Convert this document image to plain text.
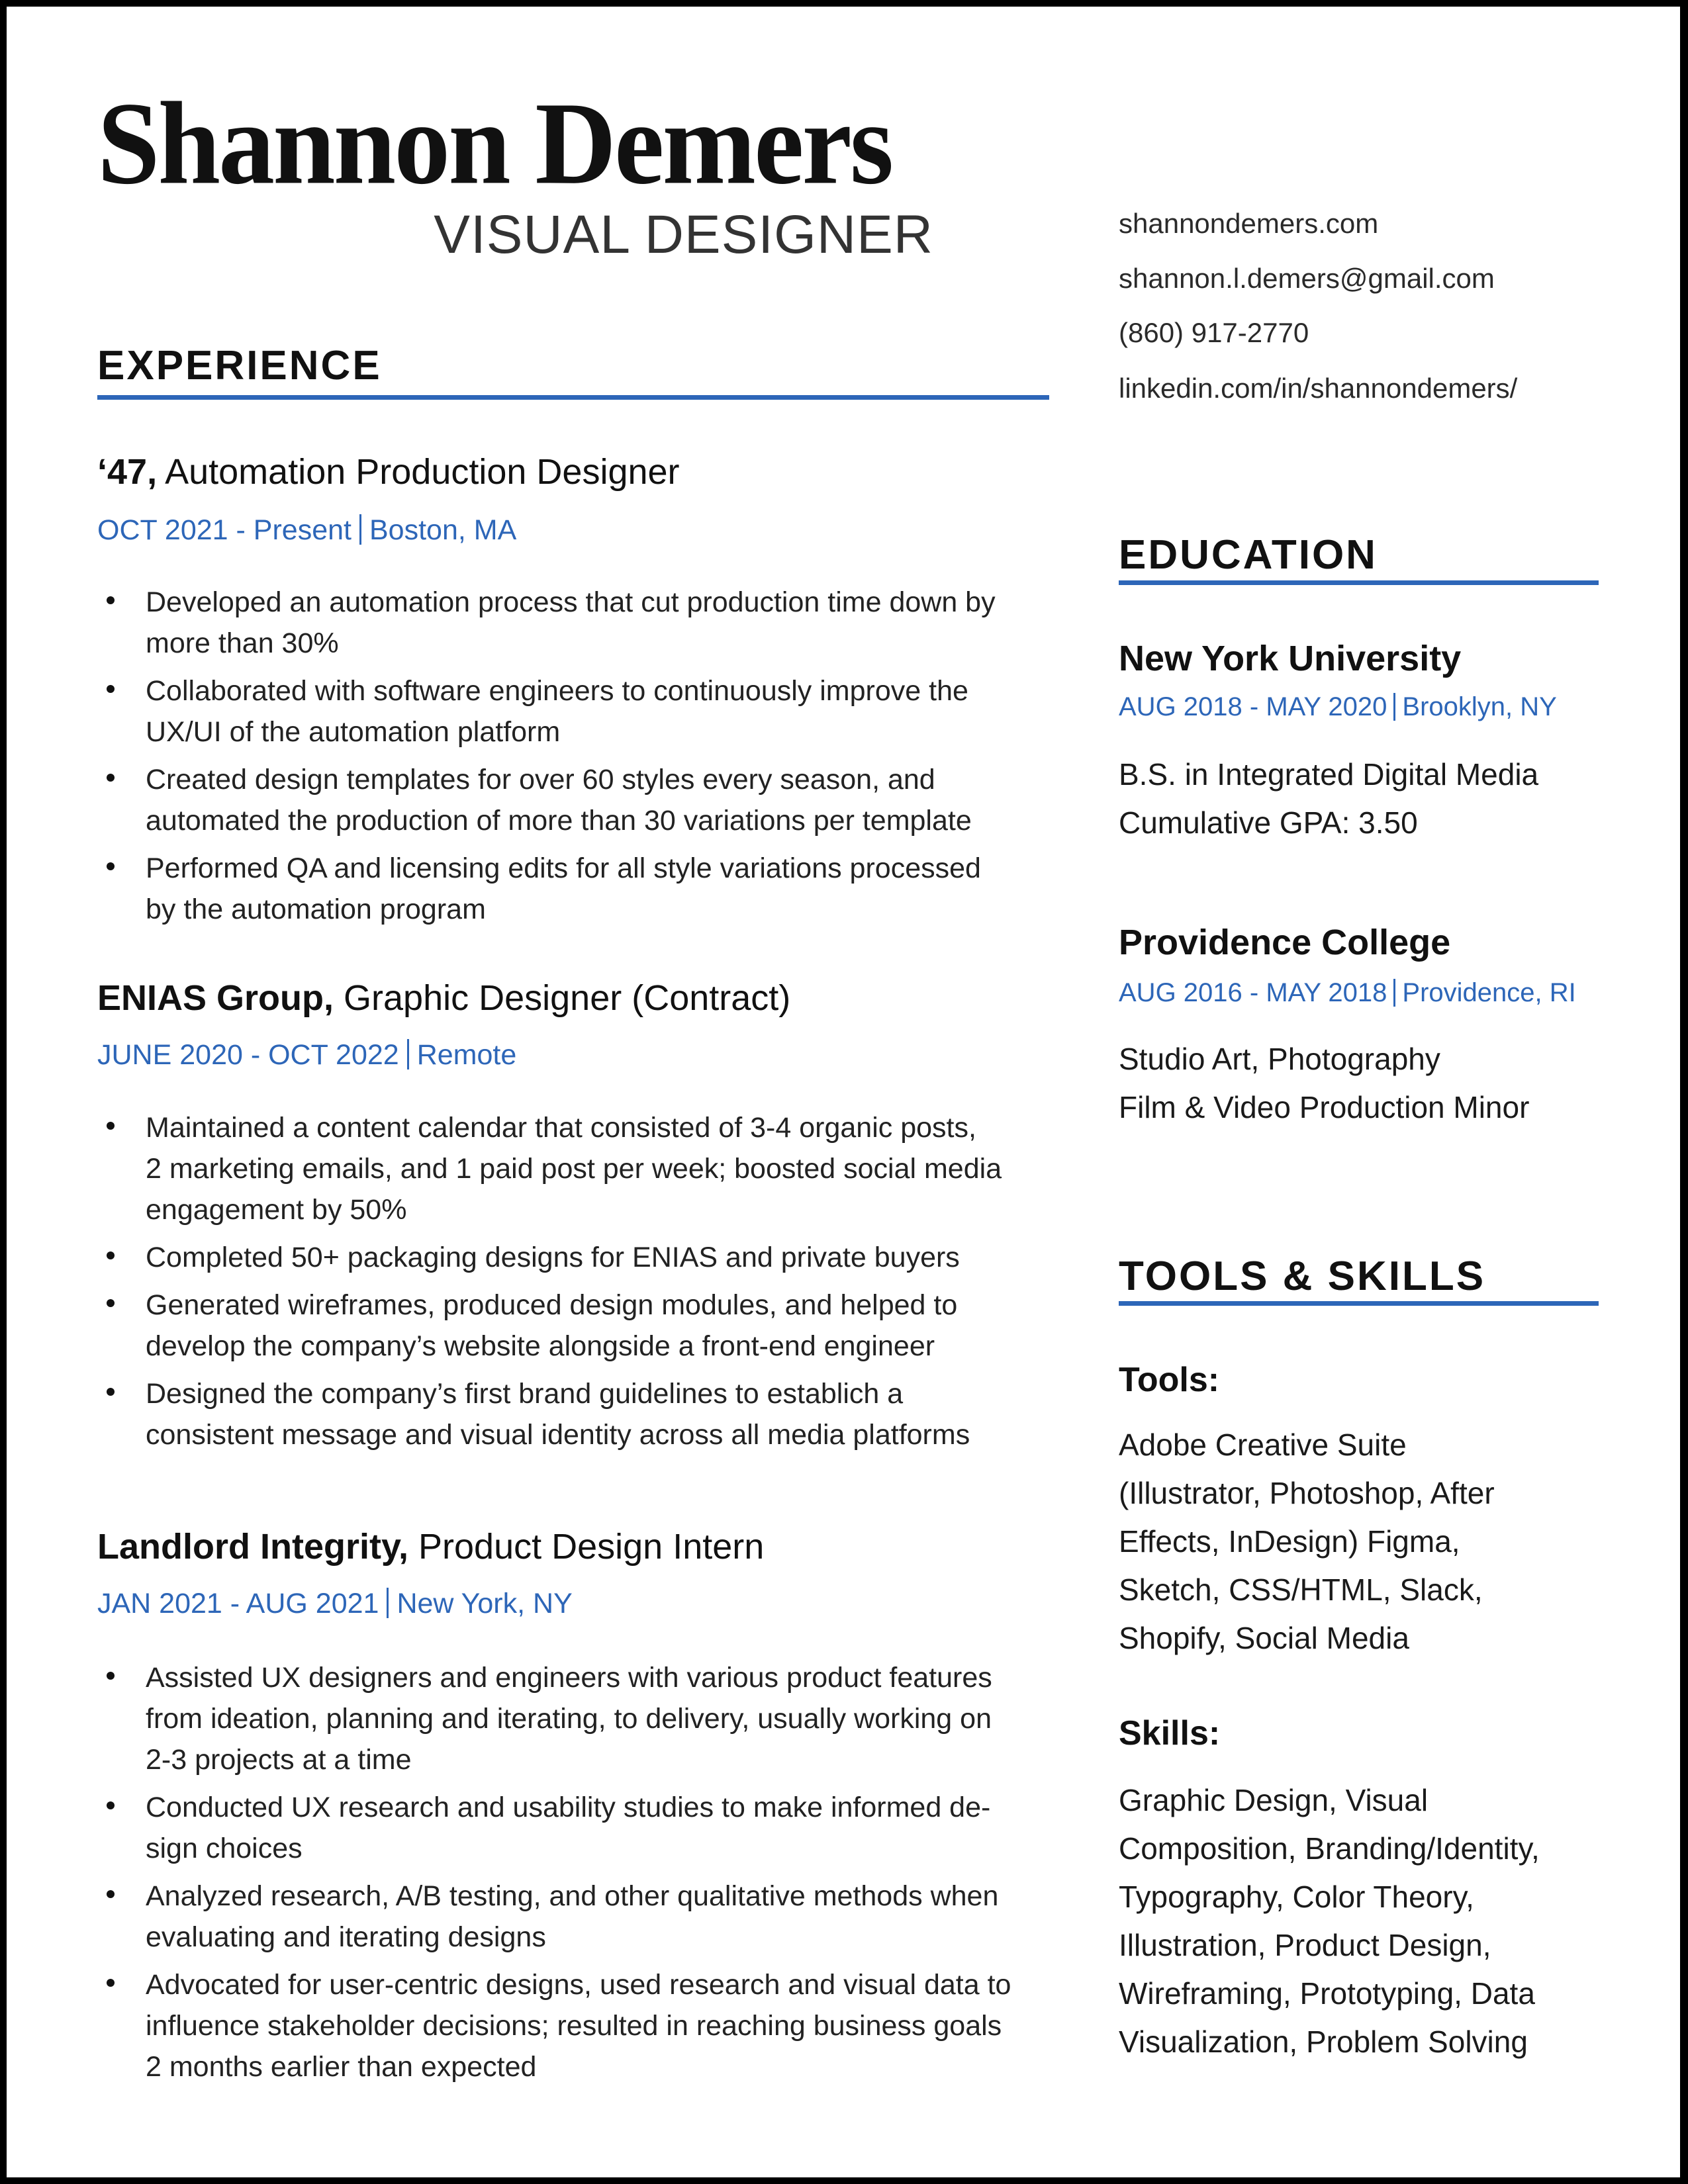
Shannon Demers
VISUAL DESIGNER	shannondemers.com
shannon.l.demers@gmail.com
(860) 917-2770
linkedin.com/in/shannondemers/
EXPERIENCE
‘47, Automation Production Designer
OCT 2021 - Present Boston, MA
Developed an automation process that cut production time down by
more than 30%
Collaborated with software engineers to continuously improve the
UX/UI of the automation platform
Created design templates for over 60 styles every season, and
automated the production of more than 30 variations per template
Performed QA and licensing edits for all style variations processed
by the automation program
ENIAS Group, Graphic Designer (Contract)
JUNE 2020 - OCT 2022 Remote
Maintained a content calendar that consisted of 3-4 organic posts,
2 marketing emails, and 1 paid post per week; boosted social media
engagement by 50%
Completed 50+ packaging designs for ENIAS and private buyers
Generated wireframes, produced design modules, and helped to
develop the company’s website alongside a front-end engineer
Designed the company’s first brand guidelines to establich a
consistent message and visual identity across all media platforms
Landlord Integrity, Product Design Intern
JAN 2021 - AUG 2021 New York, NY
Assisted UX designers and engineers with various product features
from ideation, planning and iterating, to delivery, usually working on
2-3 projects at a time
Conducted UX research and usability studies to make informed de-
sign choices
Analyzed research, A/B testing, and other qualitative methods when
evaluating and iterating designs
Advocated for user-centric designs, used research and visual data to
influence stakeholder decisions; resulted in reaching business goals
2 months earlier than expected
EDUCATION
New York University
AUG 2018 - MAY 2020 Brooklyn, NY
B.S. in Integrated Digital Media
Cumulative GPA: 3.50
Providence College
AUG 2016 - MAY 2018 Providence, RI
Studio Art, Photography
Film & Video Production Minor
TOOLS & SKILLS
Tools:
Adobe Creative Suite
(Illustrator, Photoshop, After
Effects, InDesign) Figma,
Sketch, CSS/HTML, Slack,
Shopify, Social Media
Skills:
Graphic Design, Visual
Composition, Branding/Identity,
Typography, Color Theory,
Illustration, Product Design,
Wireframing, Prototyping, Data
Visualization, Problem Solving
